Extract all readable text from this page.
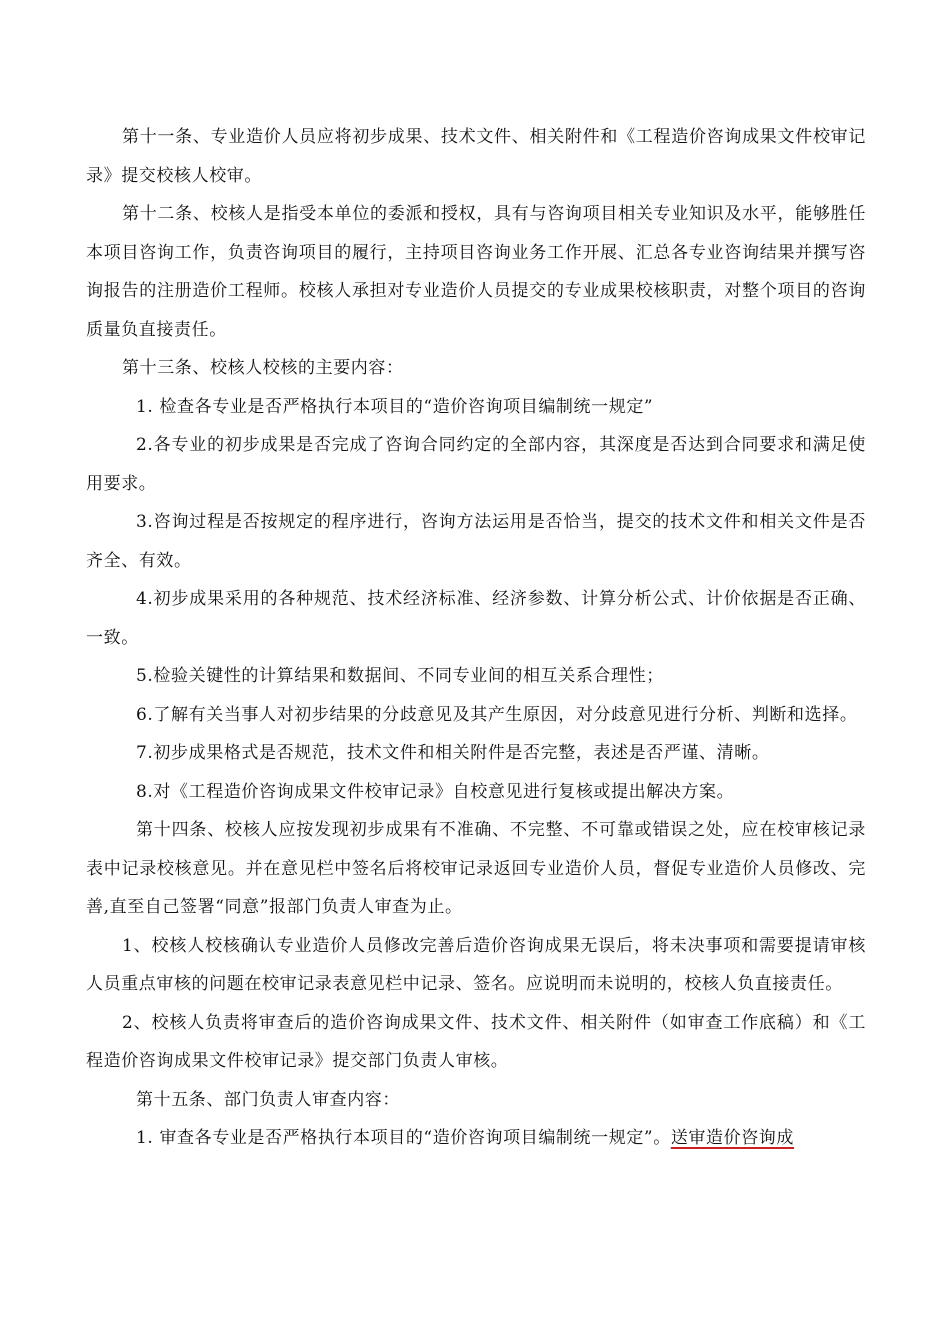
第十一条、专业造价人员应将初步成果、技术文件、相关附件和《工程造价咨询成果文件校审记录》提交校核人校审。

第十二条、校核人是指受本单位的委派和授权，具有与咨询项目相关专业知识及水平，能够胜任本项目咨询工作，负责咨询项目的履行，主持项目咨询业务工作开展、汇总各专业咨询结果并撰写咨询报告的注册造价工程师。校核人承担对专业造价人员提交的专业成果校核职责，对整个项目的咨询质量负直接责任。

第十三条、校核人校核的主要内容：

1. 检查各专业是否严格执行本项目的“造价咨询项目编制统一规定”

2.各专业的初步成果是否完成了咨询合同约定的全部内容，其深度是否达到合同要求和满足使用要求。

3.咨询过程是否按规定的程序进行，咨询方法运用是否恰当，提交的技术文件和相关文件是否齐全、有效。

4.初步成果采用的各种规范、技术经济标准、经济参数、计算分析公式、计价依据是否正确、一致。

5.检验关键性的计算结果和数据间、不同专业间的相互关系合理性；

6.了解有关当事人对初步结果的分歧意见及其产生原因，对分歧意见进行分析、判断和选择。

7.初步成果格式是否规范，技术文件和相关附件是否完整，表述是否严谨、清晰。

8.对《工程造价咨询成果文件校审记录》自校意见进行复核或提出解决方案。

第十四条、校核人应按发现初步成果有不准确、不完整、不可靠或错误之处，应在校审核记录表中记录校核意见。并在意见栏中签名后将校审记录返回专业造价人员，督促专业造价人员修改、完善,直至自己签署“同意”报部门负责人审查为止。

1、校核人校核确认专业造价人员修改完善后造价咨询成果无误后，将未决事项和需要提请审核人员重点审核的问题在校审记录表意见栏中记录、签名。应说明而未说明的，校核人负直接责任。

2、校核人负责将审查后的造价咨询成果文件、技术文件、相关附件（如审查工作底稿）和《工程造价咨询成果文件校审记录》提交部门负责人审核。

第十五条、部门负责人审查内容：

1. 审查各专业是否严格执行本项目的“造价咨询项目编制统一规定”。送审造价咨询成
